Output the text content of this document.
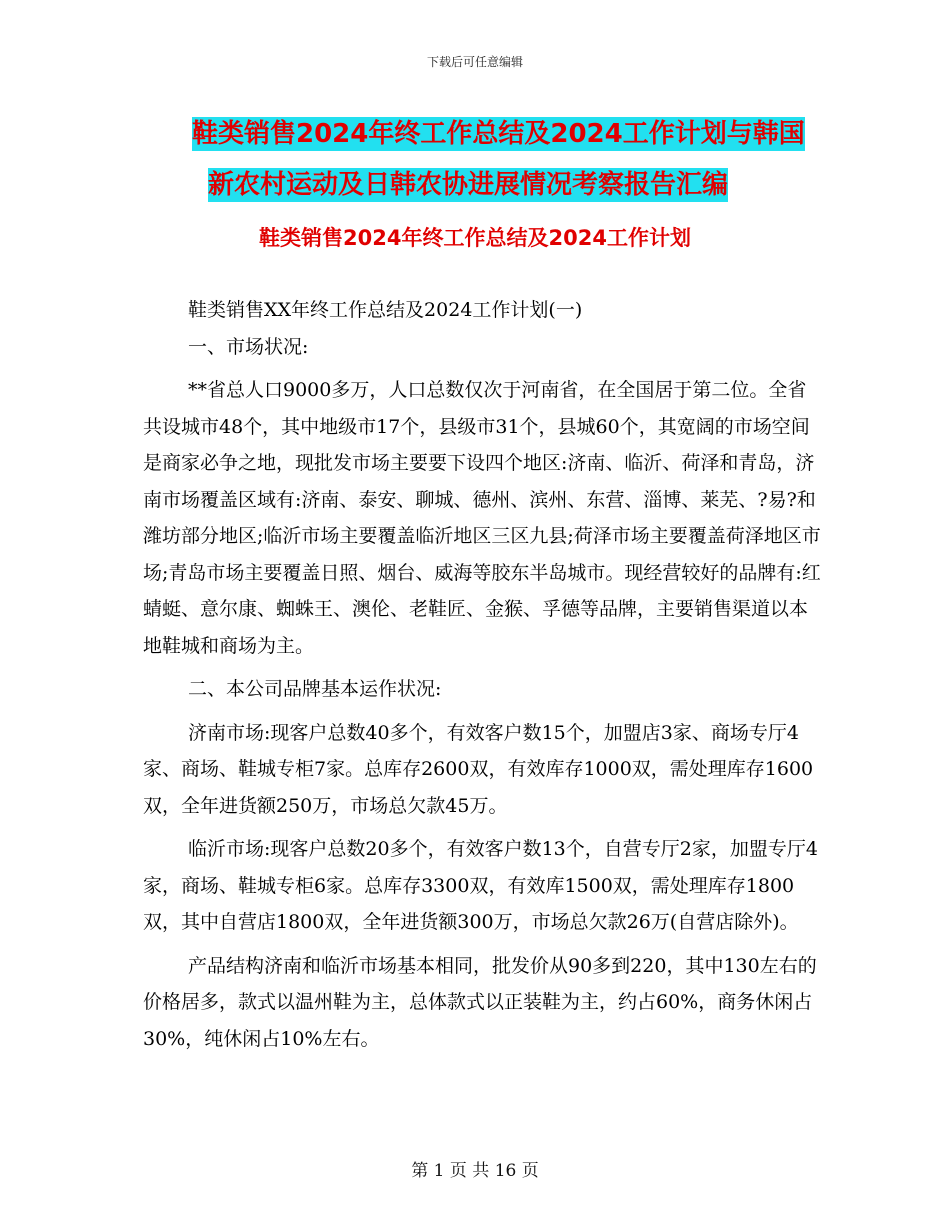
下载后可任意编辑
鞋类销售2024年终工作总结及2024工作计划与韩国
新农村运动及日韩农协进展情况考察报告汇编
鞋类销售2024年终工作总结及2024工作计划

鞋类销售XX年终工作总结及2024工作计划(一)

一、市场状况:

**省总人口9000多万，人口总数仅次于河南省，在全国居于第二位。全省共设城市48个，其中地级市17个，县级市31个，县城60个，其宽阔的市场空间是商家必争之地，现批发市场主要要下设四个地区:济南、临沂、荷泽和青岛，济南市场覆盖区域有:济南、泰安、聊城、德州、滨州、东营、淄博、莱芜、?易?和潍坊部分地区;临沂市场主要覆盖临沂地区三区九县;荷泽市场主要覆盖荷泽地区市场;青岛市场主要覆盖日照、烟台、威海等胶东半岛城市。现经营较好的品牌有:红蜻蜓、意尔康、蜘蛛王、澳伦、老鞋匠、金猴、孚德等品牌，主要销售渠道以本地鞋城和商场为主。

二、本公司品牌基本运作状况:

济南市场:现客户总数40多个，有效客户数15个，加盟店3家、商场专厅4家、商场、鞋城专柜7家。总库存2600双，有效库存1000双，需处理库存1600双，全年进货额250万，市场总欠款45万。

临沂市场:现客户总数20多个，有效客户数13个，自营专厅2家，加盟专厅4家，商场、鞋城专柜6家。总库存3300双，有效库1500双，需处理库存1800双，其中自营店1800双，全年进货额300万，市场总欠款26万(自营店除外)。

产品结构济南和临沂市场基本相同，批发价从90多到220，其中130左右的价格居多，款式以温州鞋为主，总体款式以正装鞋为主，约占60%，商务休闲占30%，纯休闲占10%左右。

第 1 页 共 16 页
